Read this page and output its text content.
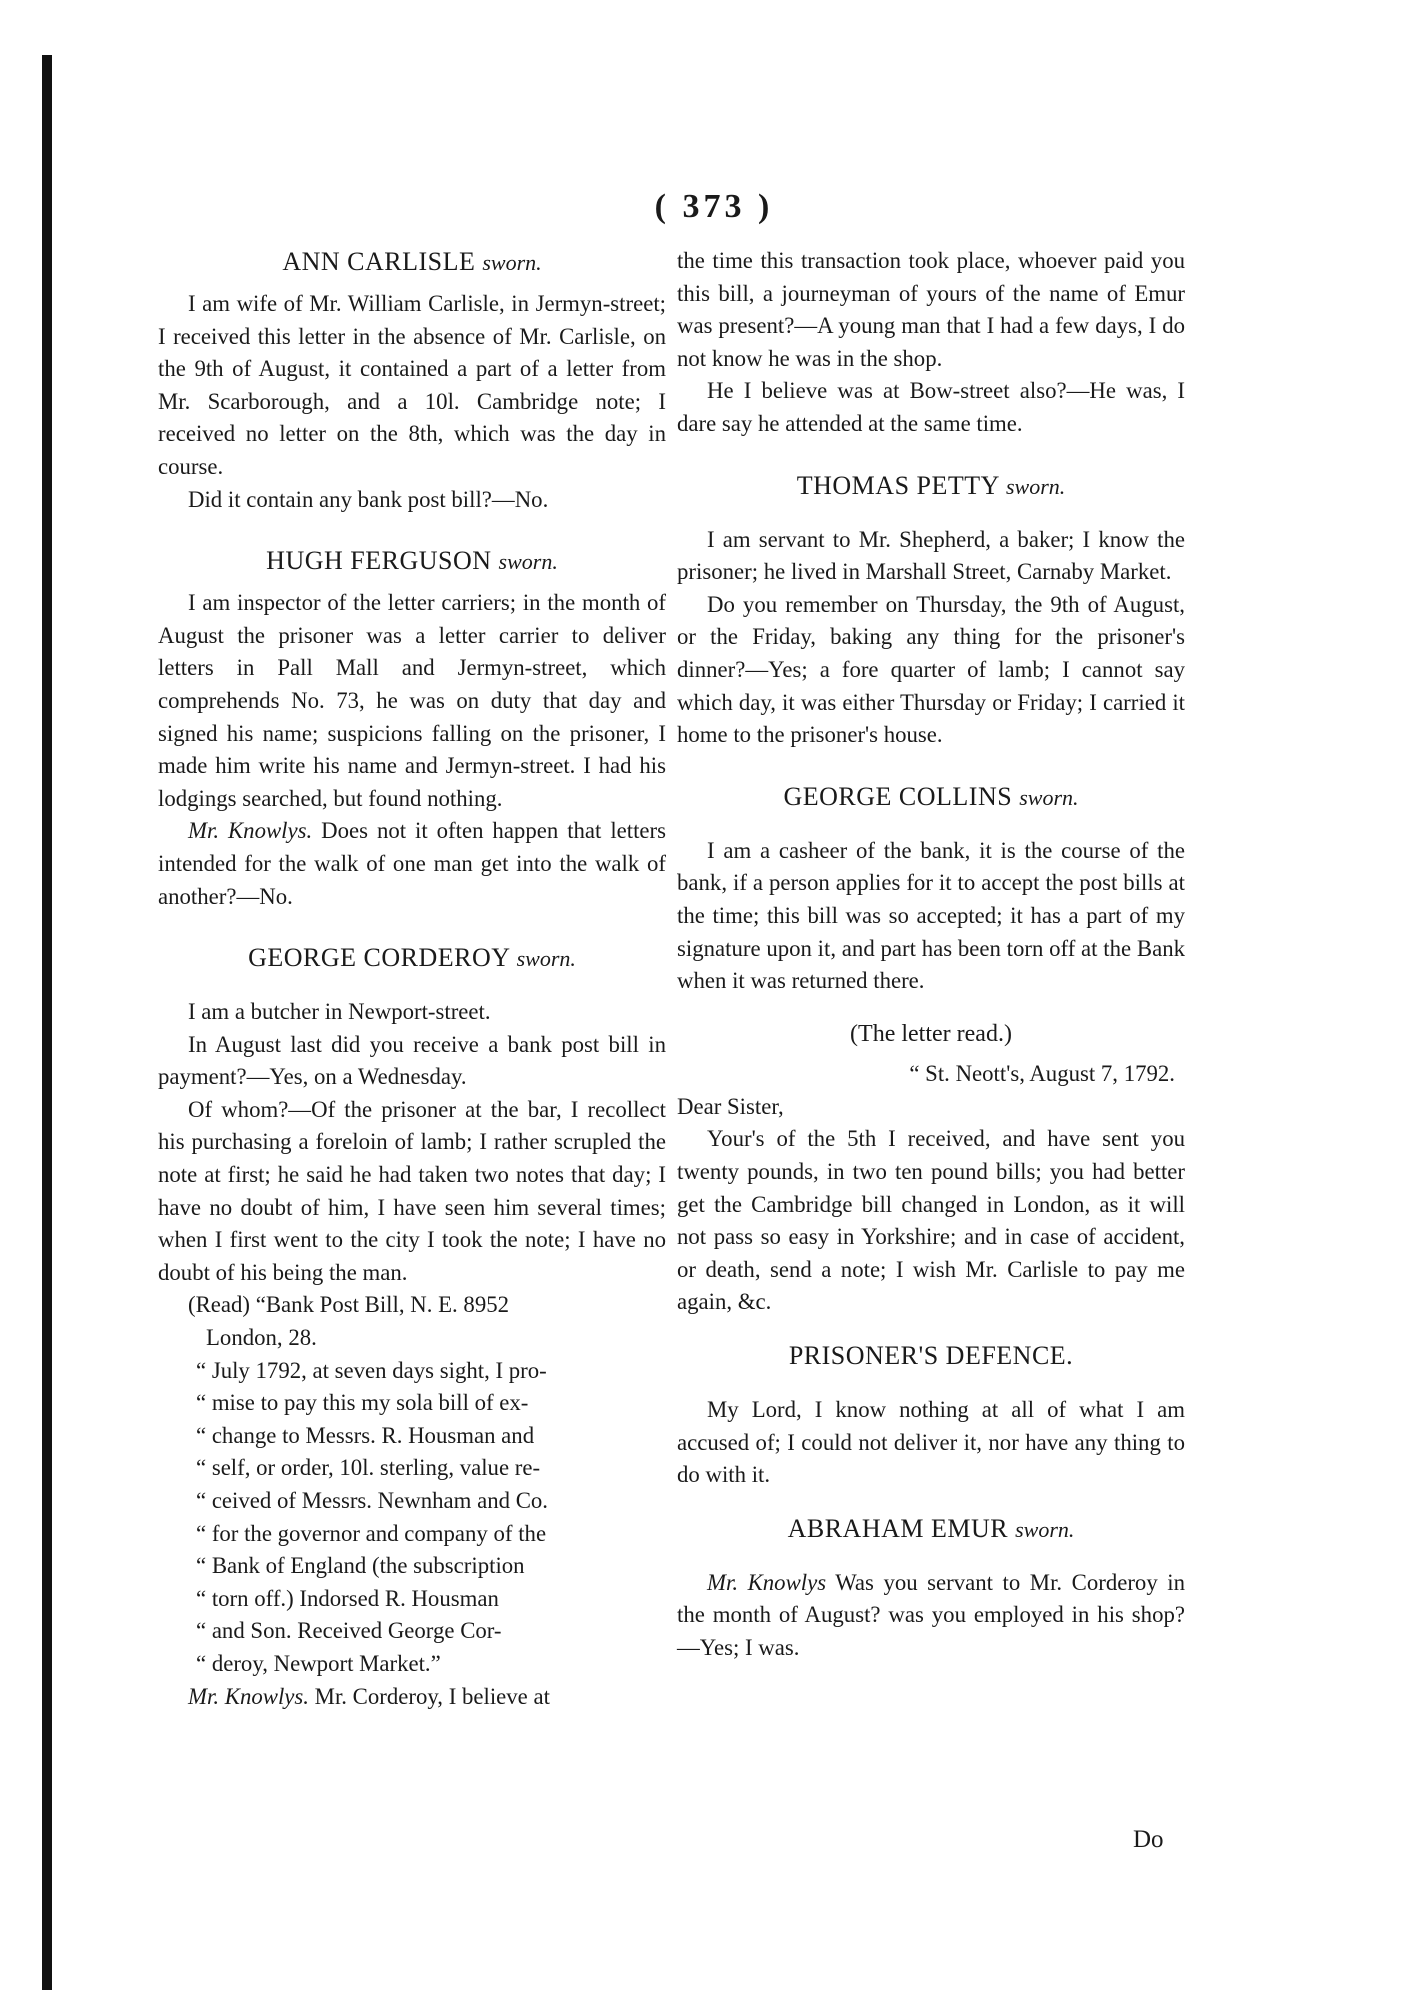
( 373 )

ANN CARLISLE sworn.

I am wife of Mr. William Carlisle, in Jermyn-street; I received this letter in the absence of Mr. Carlisle, on the 9th of August, it contained a part of a letter from Mr. Scarborough, and a 10l. Cambridge note; I received no letter on the 8th, which was the day in course.

Did it contain any bank post bill?—No.

HUGH FERGUSON sworn.

I am inspector of the letter carriers; in the month of August the prisoner was a letter carrier to deliver letters in Pall Mall and Jermyn-street, which comprehends No. 73, he was on duty that day and signed his name; suspicions falling on the prisoner, I made him write his name and Jermyn-street. I had his lodgings searched, but found nothing.

Mr. Knowlys. Does not it often happen that letters intended for the walk of one man get into the walk of another?—No.

GEORGE CORDEROY sworn.

I am a butcher in Newport-street.

In August last did you receive a bank post bill in payment?—Yes, on a Wednesday.

Of whom?—Of the prisoner at the bar, I recollect his purchasing a foreloin of lamb; I rather scrupled the note at first; he said he had taken two notes that day; I have no doubt of him, I have seen him several times; when I first went to the city I took the note; I have no doubt of his being the man.

(Read) “Bank Post Bill, N. E. 8952

London, 28.

“ July 1792, at seven days sight, I pro-

“ mise to pay this my sola bill of ex-

“ change to Messrs. R. Housman and

“ self, or order, 10l. sterling, value re-

“ ceived of Messrs. Newnham and Co.

“ for the governor and company of the

“ Bank of England (the subscription

“ torn off.) Indorsed R. Housman

“ and Son. Received George Cor-

“ deroy, Newport Market.”

Mr. Knowlys. Mr. Corderoy, I believe at

the time this transaction took place, whoever paid you this bill, a journeyman of yours of the name of Emur was present?—A young man that I had a few days, I do not know he was in the shop.

He I believe was at Bow-street also?—He was, I dare say he attended at the same time.

THOMAS PETTY sworn.

I am servant to Mr. Shepherd, a baker; I know the prisoner; he lived in Marshall Street, Carnaby Market.

Do you remember on Thursday, the 9th of August, or the Friday, baking any thing for the prisoner's dinner?—Yes; a fore quarter of lamb; I cannot say which day, it was either Thursday or Friday; I carried it home to the prisoner's house.

GEORGE COLLINS sworn.

I am a casheer of the bank, it is the course of the bank, if a person applies for it to accept the post bills at the time; this bill was so accepted; it has a part of my signature upon it, and part has been torn off at the Bank when it was returned there.

(The letter read.)

“ St. Neott's, August 7, 1792.

Dear Sister,

Your's of the 5th I received, and have sent you twenty pounds, in two ten pound bills; you had better get the Cambridge bill changed in London, as it will not pass so easy in Yorkshire; and in case of accident, or death, send a note; I wish Mr. Carlisle to pay me again, &c.

PRISONER'S DEFENCE.

My Lord, I know nothing at all of what I am accused of; I could not deliver it, nor have any thing to do with it.

ABRAHAM EMUR sworn.

Mr. Knowlys Was you servant to Mr. Corderoy in the month of August? was you employed in his shop?—Yes; I was.

Do
